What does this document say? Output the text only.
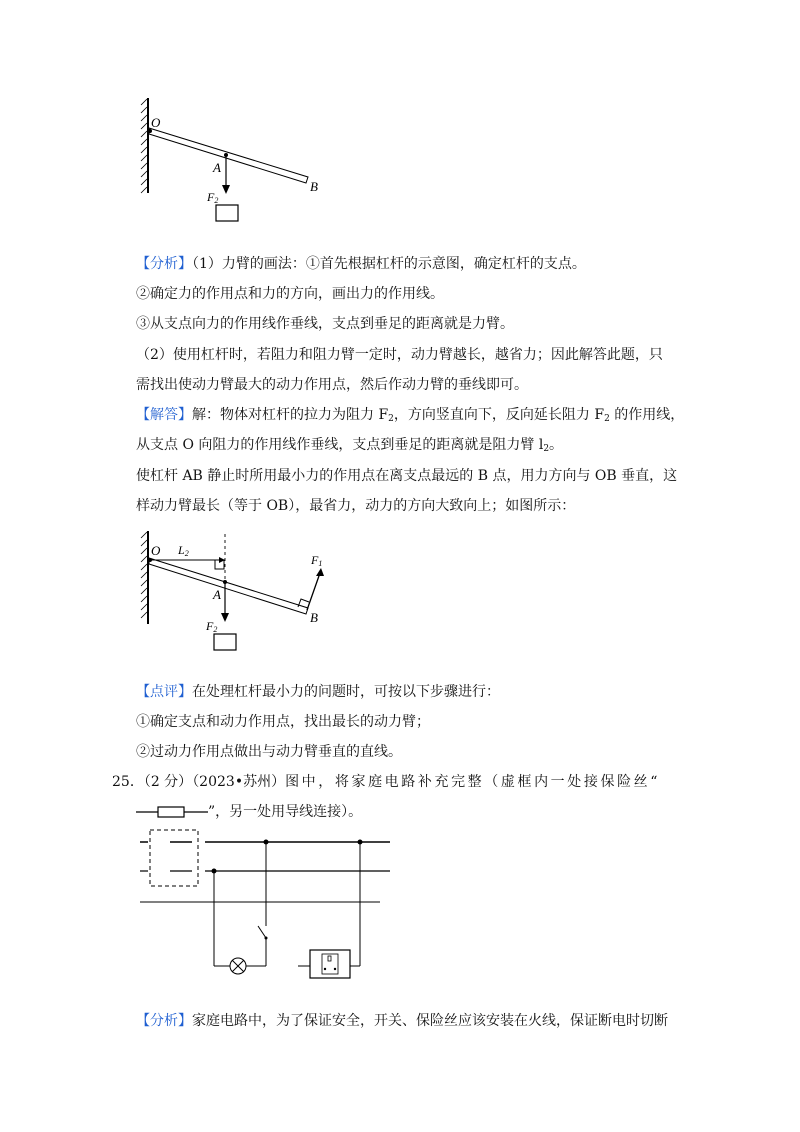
O
A
B
F2
【分析】（1）力臂的画法：①首先根据杠杆的示意图，确定杠杆的支点。
②确定力的作用点和力的方向，画出力的作用线。
③从支点向力的作用线作垂线，支点到垂足的距离就是力臂。
（2）使用杠杆时，若阻力和阻力臂一定时，动力臂越长，越省力；因此解答此题，只
需找出使动力臂最大的动力作用点，然后作动力臂的垂线即可。
【解答】解：物体对杠杆的拉力为阻力 $F_2$，方向竖直向下，反向延长阻力 $F_2$ 的作用线，
从支点 O 向阻力的作用线作垂线，支点到垂足的距离就是阻力臂 $l_2$。
使杠杆 AB 静止时所用最小力的作用点在离支点最远的 B 点，用力方向与 OB 垂直，这
样动力臂最长（等于 OB），最省力，动力的方向大致向上；如图所示：
O L2
A
B
F1
F2
【点评】在处理杠杆最小力的问题时，可按以下步骤进行：
①确定支点和动力作用点，找出最长的动力臂；
②过动力作用点做出与动力臂垂直的直线。
25．（2 分）（2023•苏州）图中，将家庭电路补充完整（虚框内一处接保险丝“
”，另一处用导线连接）。
【分析】家庭电路中，为了保证安全，开关、保险丝应该安装在火线，保证断电时切断
